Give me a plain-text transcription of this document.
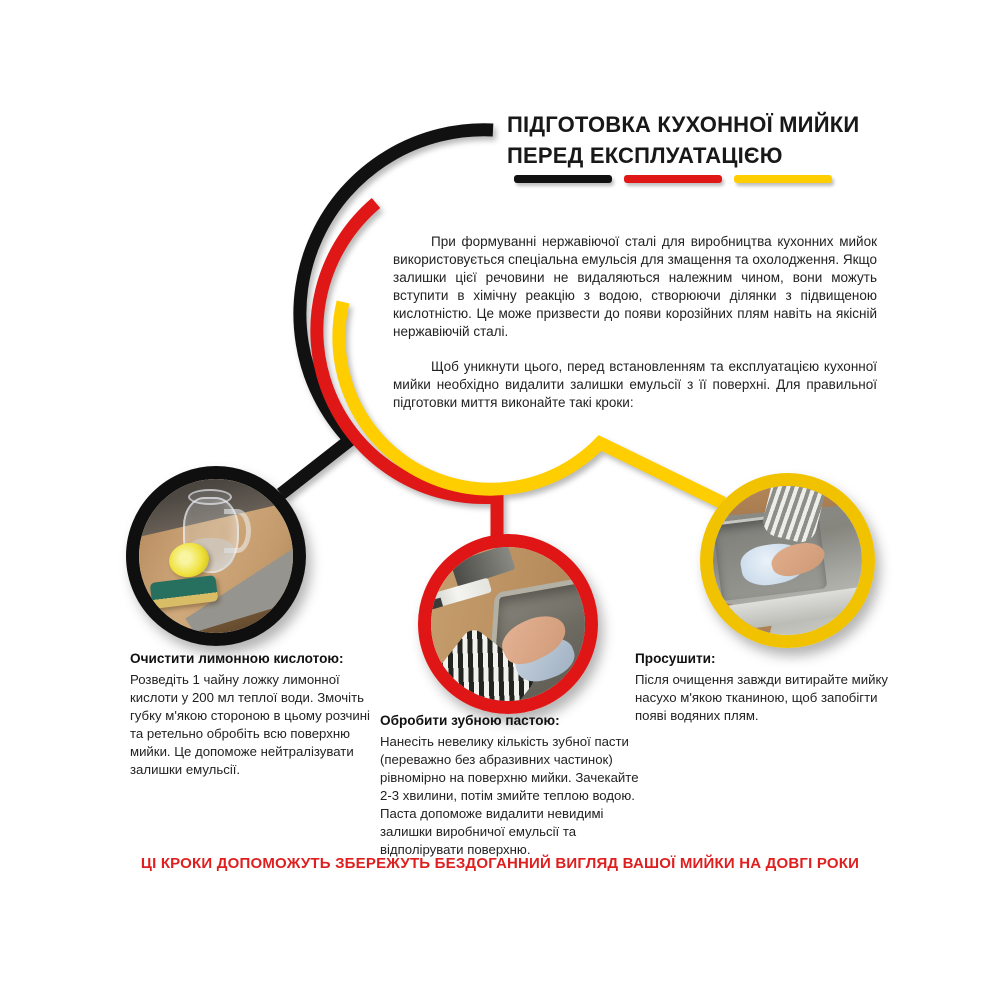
ПІДГОТОВКА КУХОННОЇ МИЙКИ
ПЕРЕД ЕКСПЛУАТАЦІЄЮ

При формуванні нержавіючої сталі для виробництва кухонних мийок використовується спеціальна емульсія для змащення та охолодження. Якщо залишки цієї речовини не видаляються належним чином, вони можуть вступити в хімічну реакцію з водою, створюючи ділянки з підвищеною кислотністю. Це може призвести до появи корозійних плям навіть на якісній нержавіючій сталі.

Щоб уникнути цього, перед встановленням та експлуатацією кухонної мийки необхідно видалити залишки емульсії з її поверхні. Для правильної підготовки миття виконайте такі кроки:

Очистити лимонною кислотою:
Розведіть 1 чайну ложку лимонної кислоти у 200 мл теплої води. Змочіть губку м'якою стороною в цьому розчині та ретельно обробіть всю поверхню мийки. Це допоможе нейтралізувати залишки емульсії.
Обробити зубною пастою:
Нанесіть невелику кількість зубної пасти (переважно без абразивних частинок) рівномірно на поверхню мийки. Зачекайте 2-3 хвилини, потім змийте теплою водою. Паста допоможе видалити невидимі залишки виробничої емульсії та відполірувати поверхню.
Просушити:
Після очищення завжди витирайте мийку насухо м'якою тканиною, щоб запобігти появі водяних плям.
ЦІ КРОКИ ДОПОМОЖУТЬ ЗБЕРЕЖУТЬ БЕЗДОГАННИЙ ВИГЛЯД ВАШОЇ МИЙКИ НА ДОВГІ РОКИ
